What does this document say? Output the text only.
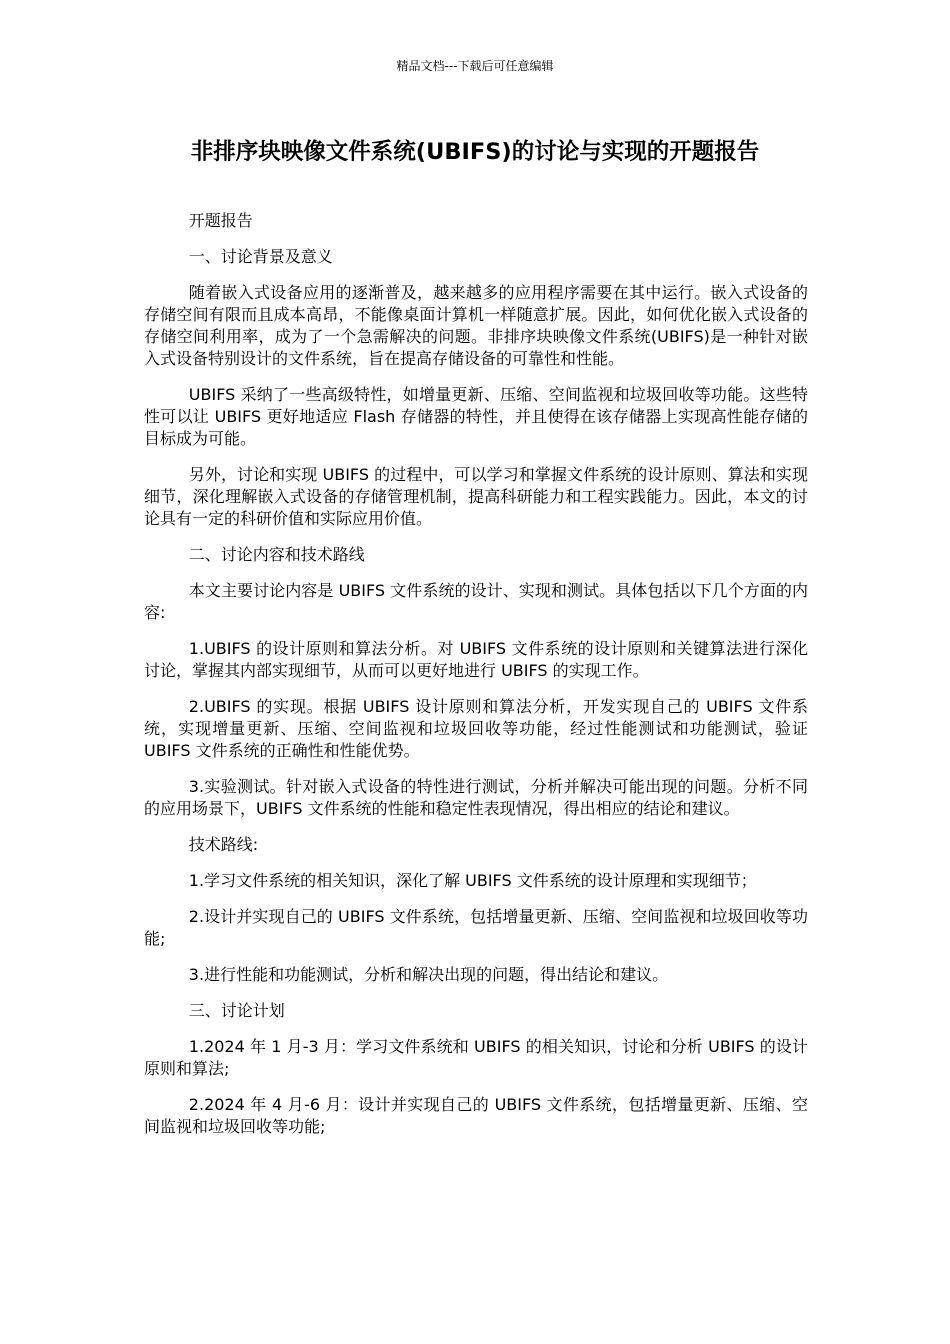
精品文档---下载后可任意编辑
非排序块映像文件系统(UBIFS)的讨论与实现的开题报告

开题报告

一、讨论背景及意义

随着嵌入式设备应用的逐渐普及，越来越多的应用程序需要在其中运行。嵌入式设备的存储空间有限而且成本高昂，不能像桌面计算机一样随意扩展。因此，如何优化嵌入式设备的存储空间利用率，成为了一个急需解决的问题。非排序块映像文件系统(UBIFS)是一种针对嵌入式设备特别设计的文件系统，旨在提高存储设备的可靠性和性能。

UBIFS 采纳了一些高级特性，如增量更新、压缩、空间监视和垃圾回收等功能。这些特性可以让 UBIFS 更好地适应 Flash 存储器的特性，并且使得在该存储器上实现高性能存储的目标成为可能。

另外，讨论和实现 UBIFS 的过程中，可以学习和掌握文件系统的设计原则、算法和实现细节，深化理解嵌入式设备的存储管理机制，提高科研能力和工程实践能力。因此，本文的讨论具有一定的科研价值和实际应用价值。

二、讨论内容和技术路线

本文主要讨论内容是 UBIFS 文件系统的设计、实现和测试。具体包括以下几个方面的内容:

1.UBIFS 的设计原则和算法分析。对 UBIFS 文件系统的设计原则和关键算法进行深化讨论，掌握其内部实现细节，从而可以更好地进行 UBIFS 的实现工作。

2.UBIFS 的实现。根据 UBIFS 设计原则和算法分析，开发实现自己的 UBIFS 文件系统，实现增量更新、压缩、空间监视和垃圾回收等功能，经过性能测试和功能测试，验证 UBIFS 文件系统的正确性和性能优势。

3.实验测试。针对嵌入式设备的特性进行测试，分析并解决可能出现的问题。分析不同的应用场景下，UBIFS 文件系统的性能和稳定性表现情况，得出相应的结论和建议。

技术路线:

1.学习文件系统的相关知识，深化了解 UBIFS 文件系统的设计原理和实现细节；

2.设计并实现自己的 UBIFS 文件系统，包括增量更新、压缩、空间监视和垃圾回收等功能;

3.进行性能和功能测试，分析和解决出现的问题，得出结论和建议。

三、讨论计划

1.2024 年 1 月-3 月：学习文件系统和 UBIFS 的相关知识，讨论和分析 UBIFS 的设计原则和算法;

2.2024 年 4 月-6 月：设计并实现自己的 UBIFS 文件系统，包括增量更新、压缩、空间监视和垃圾回收等功能;
